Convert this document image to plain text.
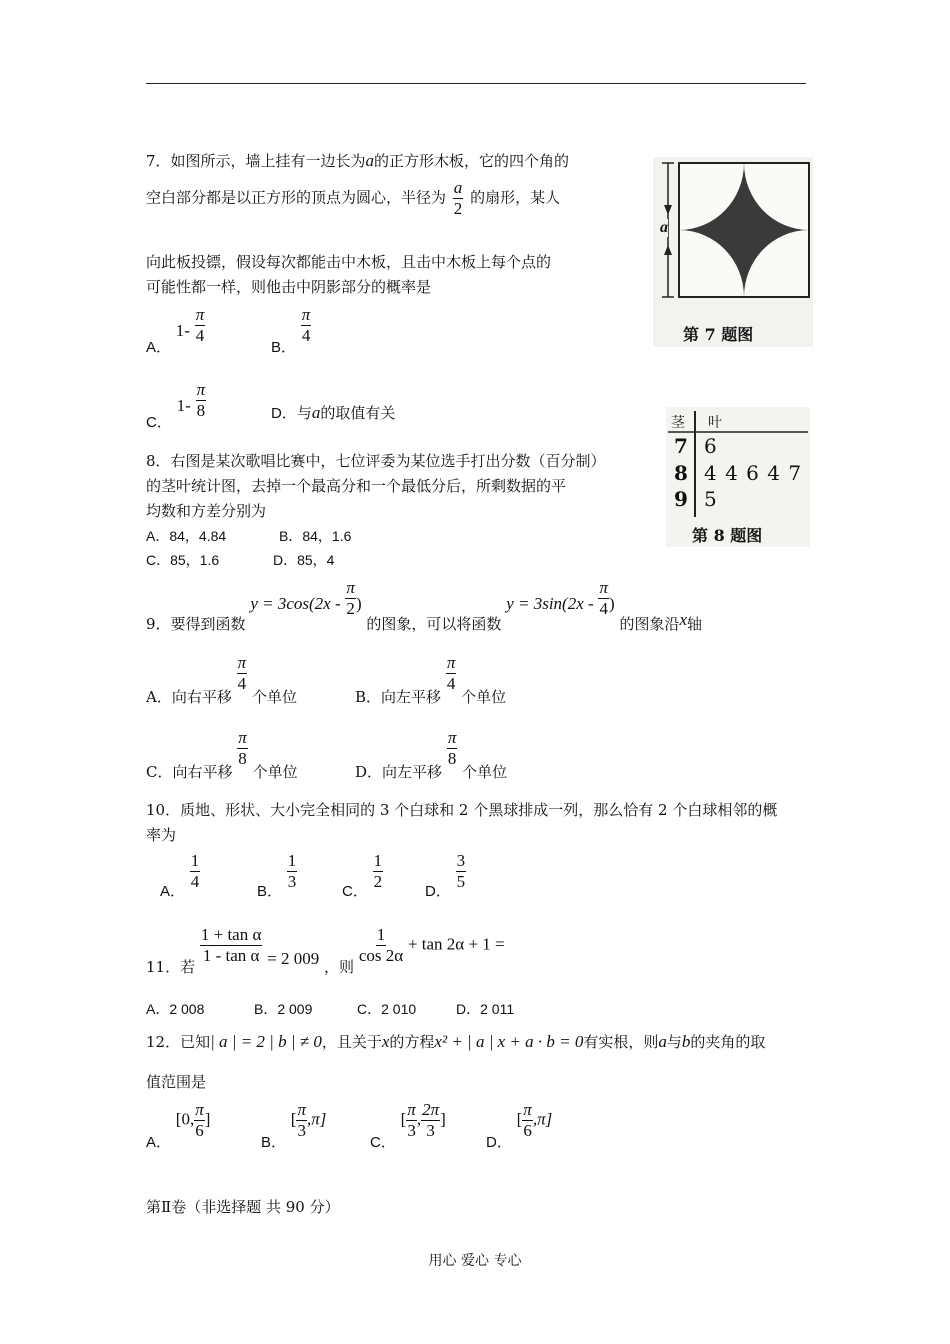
7．如图所示，墙上挂有一边长为a的正方形木板，它的四个角的
空白部分都是以正方形的顶点为圆心，半径为 $\frac{a}{2}$ 的扇形，某人
向此板投镖，假设每次都能击中木板，且击中木板上每个点的
可能性都一样，则他击中阴影部分的概率是
A． $1- \frac{\pi}{4}$
B．
$\frac{\pi}{4}$
C． $1- \frac{\pi}{8}$	D．与a的取值有关
a
第 7 题图
8．右图是某次歌唱比赛中，七位评委为某位选手打出分数（百分制）
的茎叶统计图，去掉一个最高分和一个最低分后，所剩数据的平
均数和方差分别为
A．84，4.84	B．84，1.6
C．85，1.6	D．85，4
茎 叶
7 6
8 4 4 6 4 7
9 5
第 8 题图
9．要得到函数 $y = 3\cos(2x - \frac{\pi}{2}$ ) 的图象，可以将函数 $y = 3\sin(2x - \frac{\pi}{4}$ ) 的图象沿x轴
A．向右平移
$\frac{\pi}{4}$
个单位	B．向左平移
$\frac{\pi}{4}$
个单位
C．向右平移
$\frac{\pi}{8}$
个单位	D．向左平移
$\frac{\pi}{8}$
个单位
10．质地、形状、大小完全相同的 3 个白球和 2 个黑球排成一列，那么恰有 2 个白球相邻的概
率为
A． $\frac{1}{4}$	B． $\frac{1}{3}$	C． $\frac{1}{2}$	D． $\frac{3}{5}$
11．若
$\frac{\text{1 + tan α}}{\text{1 - tan α}} = 2$ 009 ，则
$\frac{1}{\cos 2\alpha} + \tan 2\alpha + 1$ =
A．2 008	B．2 009	C．2 010	D．2 011
12．已知| a | = 2 | b | ≠ 0，且关于x的方程x² + | a | x + a · b = 0有实根，则a与b的夹角的取
值范围是
A． [0, $\frac{\pi}{6}$ ]
B． [ $\frac{\pi}{3} ,\pi$]
C． [ $\frac{\pi}{3}$ , $\frac{2\pi}{3}$ ]
D． [ $\frac{\pi}{6} ,\pi$]
第Ⅱ卷（非选择题 共 90 分）
用心 爱心 专心
